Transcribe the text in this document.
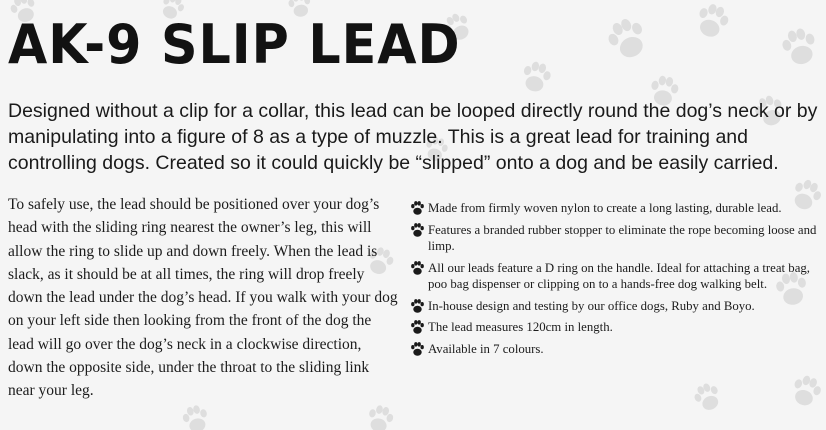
AK-9 SLIP LEAD

Designed without a clip for a collar, this lead can be looped directly round the dog’s neck or by manipulating into a figure of 8 as a type of muzzle. This is a great lead for training and controlling dogs. Created so it could quickly be “slipped” onto a dog and be easily carried.

To safely use, the lead should be positioned over your dog’s head with the sliding ring nearest the owner’s leg, this will allow the ring to slide up and down freely. When the lead is slack, as it should be at all times, the ring will drop freely down the lead under the dog’s head. If you walk with your dog on your left side then looking from the front of the dog the lead will go over the dog’s neck in a clockwise direction, down the opposite side, under the throat to the sliding link near your leg.

Made from firmly woven nylon to create a long lasting, durable lead.
Features a branded rubber stopper to eliminate the rope becoming loose and limp.
All our leads feature a D ring on the handle. Ideal for attaching a treat bag, poo bag dispenser or clipping on to a hands-free dog walking belt.
In-house design and testing by our office dogs, Ruby and Boyo.
The lead measures 120cm in length.
Available in 7 colours.
